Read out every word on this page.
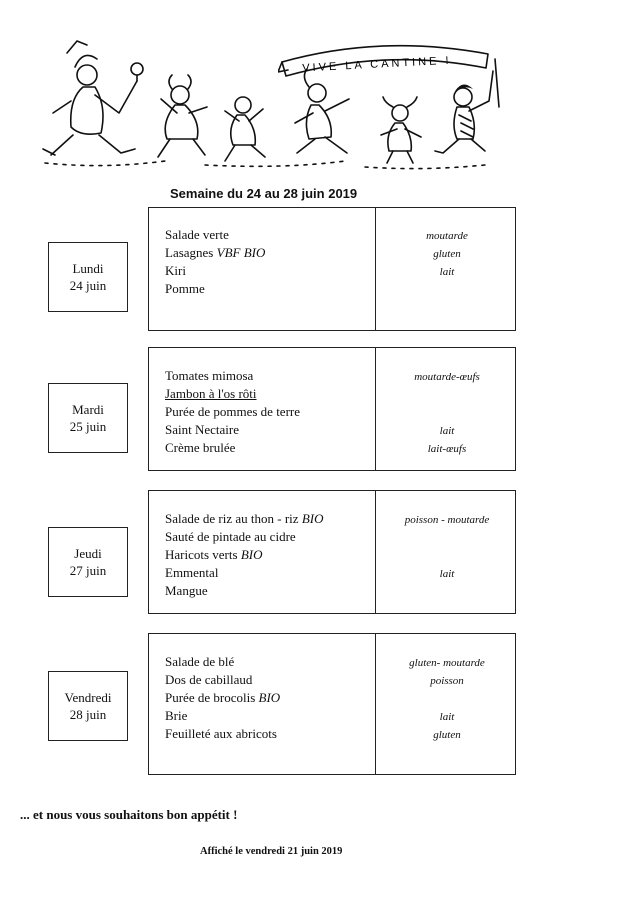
VIVE LA CANTINE !
Semaine du 24 au 28 juin 2019
Lundi
24 juin
Salade verte
Lasagnes VBF BIO
Kiri
Pomme
moutarde
gluten
lait
Mardi
25 juin
Tomates mimosa
Jambon à l'os rôti
Purée de pommes de terre
Saint Nectaire
Crème brulée
moutarde-œufs
lait
lait-œufs
Jeudi
27 juin
Salade de riz au thon - riz BIO
Sauté de pintade au cidre
Haricots verts BIO
Emmental
Mangue
poisson - moutarde
lait
Vendredi
28 juin
Salade de blé
Dos de cabillaud
Purée de brocolis BIO
Brie
Feuilleté aux abricots
gluten- moutarde
poisson
lait
gluten
... et nous vous souhaitons bon appétit !
Affiché le vendredi 21 juin 2019
